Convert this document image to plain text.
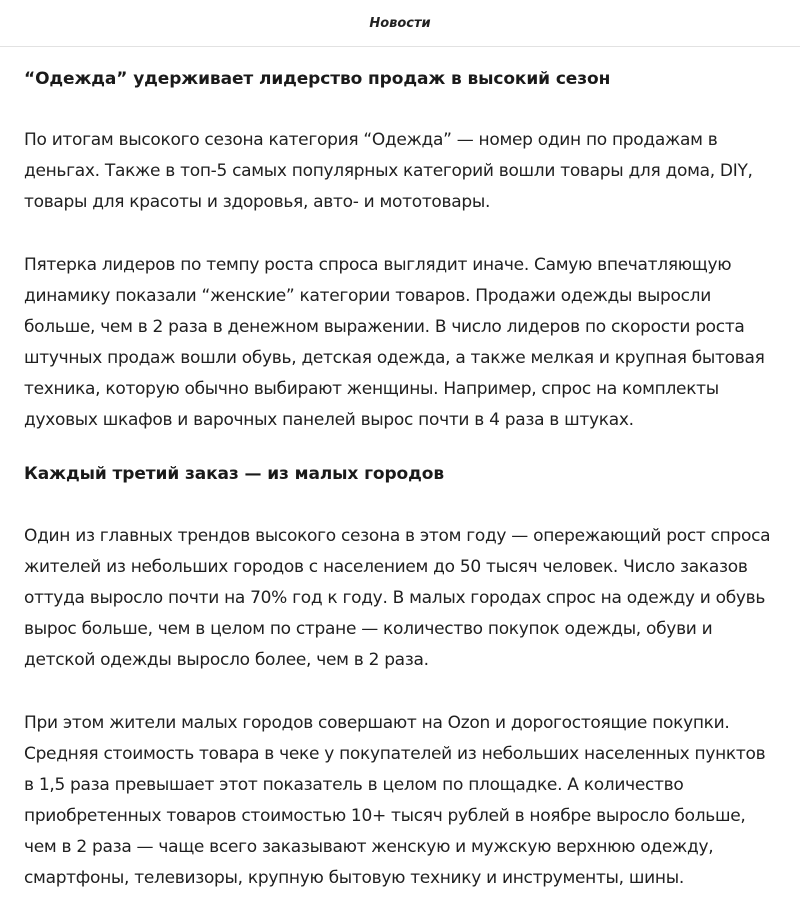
Новости
“Одежда” удерживает лидерство продаж в высокий сезон

По итогам высокого сезона категория “Одежда” — номер один по продажам в деньгах. Также в топ-5 самых популярных категорий вошли товары для дома, DIY, товары для красоты и здоровья, авто- и мототовары.

Пятерка лидеров по темпу роста спроса выглядит иначе. Самую впечатляющую динамику показали “женские” категории товаров. Продажи одежды выросли больше, чем в 2 раза в денежном выражении. В число лидеров по скорости роста штучных продаж вошли обувь, детская одежда, а также мелкая и крупная бытовая техника, которую обычно выбирают женщины. Например, спрос на комплекты духовых шкафов и варочных панелей вырос почти в 4 раза в штуках.

Каждый третий заказ — из малых городов

Один из главных трендов высокого сезона в этом году — опережающий рост спроса жителей из небольших городов с населением до 50 тысяч человек. Число заказов оттуда выросло почти на 70% год к году. В малых городах спрос на одежду и обувь вырос больше, чем в целом по стране — количество покупок одежды, обуви и детской одежды выросло более, чем в 2 раза.

При этом жители малых городов совершают на Ozon и дорогостоящие покупки. Средняя стоимость товара в чеке у покупателей из небольших населенных пунктов в 1,5 раза превышает этот показатель в целом по площадке. А количество приобретенных товаров стоимостью 10+ тысяч рублей в ноябре выросло больше, чем в 2 раза — чаще всего заказывают женскую и мужскую верхнюю одежду, смартфоны, телевизоры, крупную бытовую технику и инструменты, шины.
